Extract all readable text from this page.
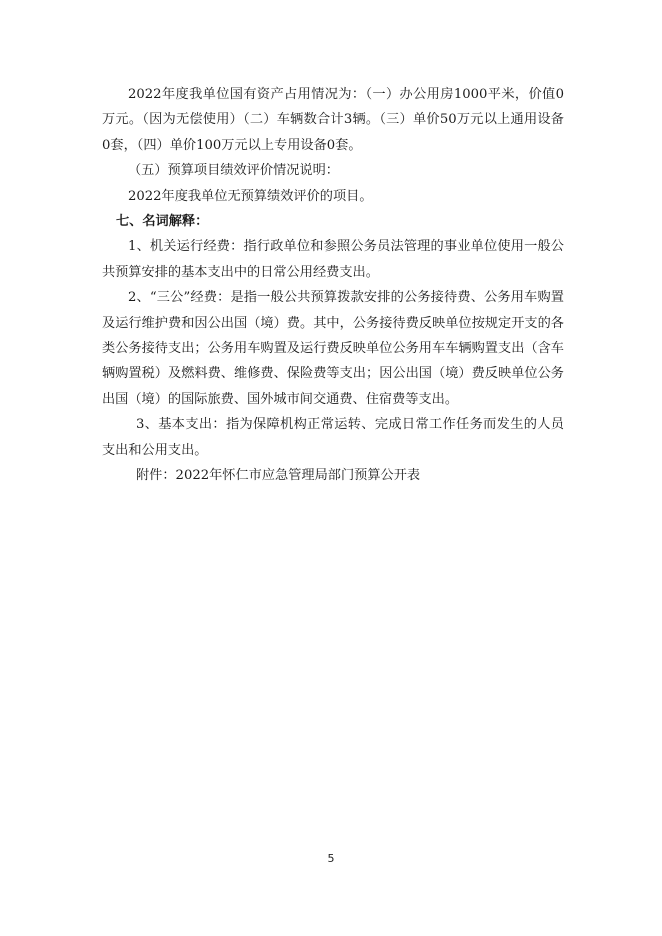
2022年度我单位国有资产占用情况为：（一）办公用房1000平米，价值0万元。（因为无偿使用）（二）车辆数合计3辆。（三）单价50万元以上通用设备0套，（四）单价100万元以上专用设备0套。

（五）预算项目绩效评价情况说明：

2022年度我单位无预算绩效评价的项目。

七、名词解释：

1、机关运行经费：指行政单位和参照公务员法管理的事业单位使用一般公共预算安排的基本支出中的日常公用经费支出。

2、“三公”经费：是指一般公共预算拨款安排的公务接待费、公务用车购置及运行维护费和因公出国（境）费。其中，公务接待费反映单位按规定开支的各类公务接待支出；公务用车购置及运行费反映单位公务用车车辆购置支出（含车辆购置税）及燃料费、维修费、保险费等支出；因公出国（境）费反映单位公务出国（境）的国际旅费、国外城市间交通费、住宿费等支出。

3、基本支出：指为保障机构正常运转、完成日常工作任务而发生的人员支出和公用支出。

附件：2022年怀仁市应急管理局部门预算公开表

5
